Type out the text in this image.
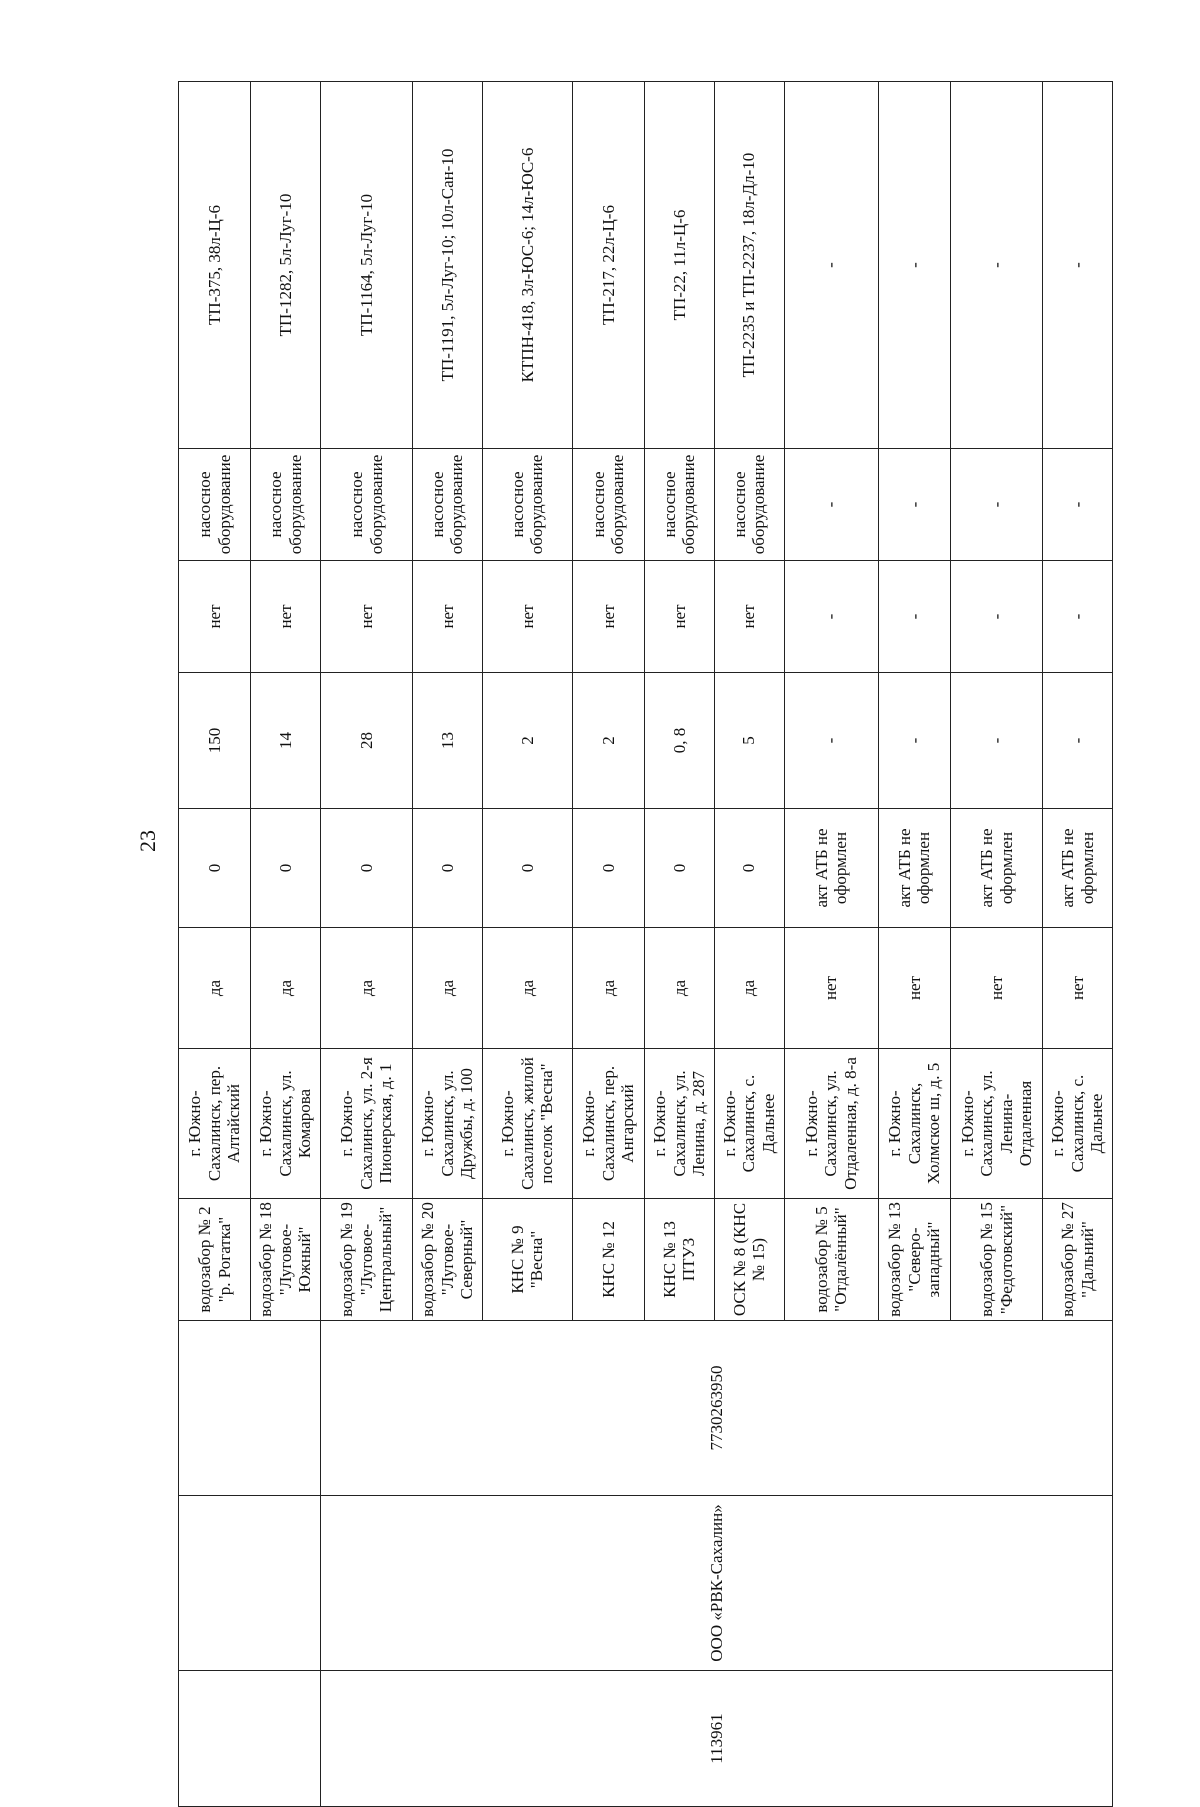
23
			водозабор № 2 "р. Рогатка"	г. Южно-Сахалинск, пер. Алтайский	да	0	150	нет	насосное оборудование	ТП-375, 38л-Ц-6
			водозабор № 18 "Луговое-Южный"	г. Южно-Сахалинск, ул. Комарова	да	0	14	нет	насосное оборудование	ТП-1282, 5л-Луг-10
113961	ООО «РВК-Сахалин»	7730263950	водозабор № 19 "Луговое-Центральный"	г. Южно-Сахалинск, ул. 2-я Пионерская, д. 1	да	0	28	нет	насосное оборудование	ТП-1164, 5л-Луг-10
			водозабор № 20 "Луговое-Северный"	г. Южно-Сахалинск, ул. Дружбы, д. 100	да	0	13	нет	насосное оборудование	ТП-1191, 5л-Луг-10; 10л-Сан-10
			КНС № 9 "Весна"	г. Южно-Сахалинск, жилой поселок "Весна"	да	0	2	нет	насосное оборудование	КТПН-418, 3л-ЮС-6; 14л-ЮС-6
			КНС № 12	г. Южно-Сахалинск, пер. Ангарский	да	0	2	нет	насосное оборудование	ТП-217, 22л-Ц-6
			КНС № 13 ПТУ3	г. Южно-Сахалинск, ул. Ленина, д. 287	да	0	0, 8	нет	насосное оборудование	ТП-22, 11л-Ц-6
			ОСК № 8 (КНС № 15)	г. Южно-Сахалинск, с. Дальнее	да	0	5	нет	насосное оборудование	ТП-2235 и ТП-2237, 18л-Дл-10
			водозабор № 5 "Отдалённый"	г. Южно-Сахалинск, ул. Отдаленная, д. 8-а	нет	акт АТБ не оформлен	-	-	-	-
			водозабор № 13 "Северо-западный"	г. Южно-Сахалинск, Холмское ш, д. 5	нет	акт АТБ не оформлен	-	-	-	-
			водозабор № 15 "Федотовский"	г. Южно-Сахалинск, ул. Ленина-Отдаленная	нет	акт АТБ не оформлен	-	-	-	-
			водозабор № 27 "Дальний"	г. Южно-Сахалинск, с. Дальнее	нет	акт АТБ не оформлен	-	-	-	-
